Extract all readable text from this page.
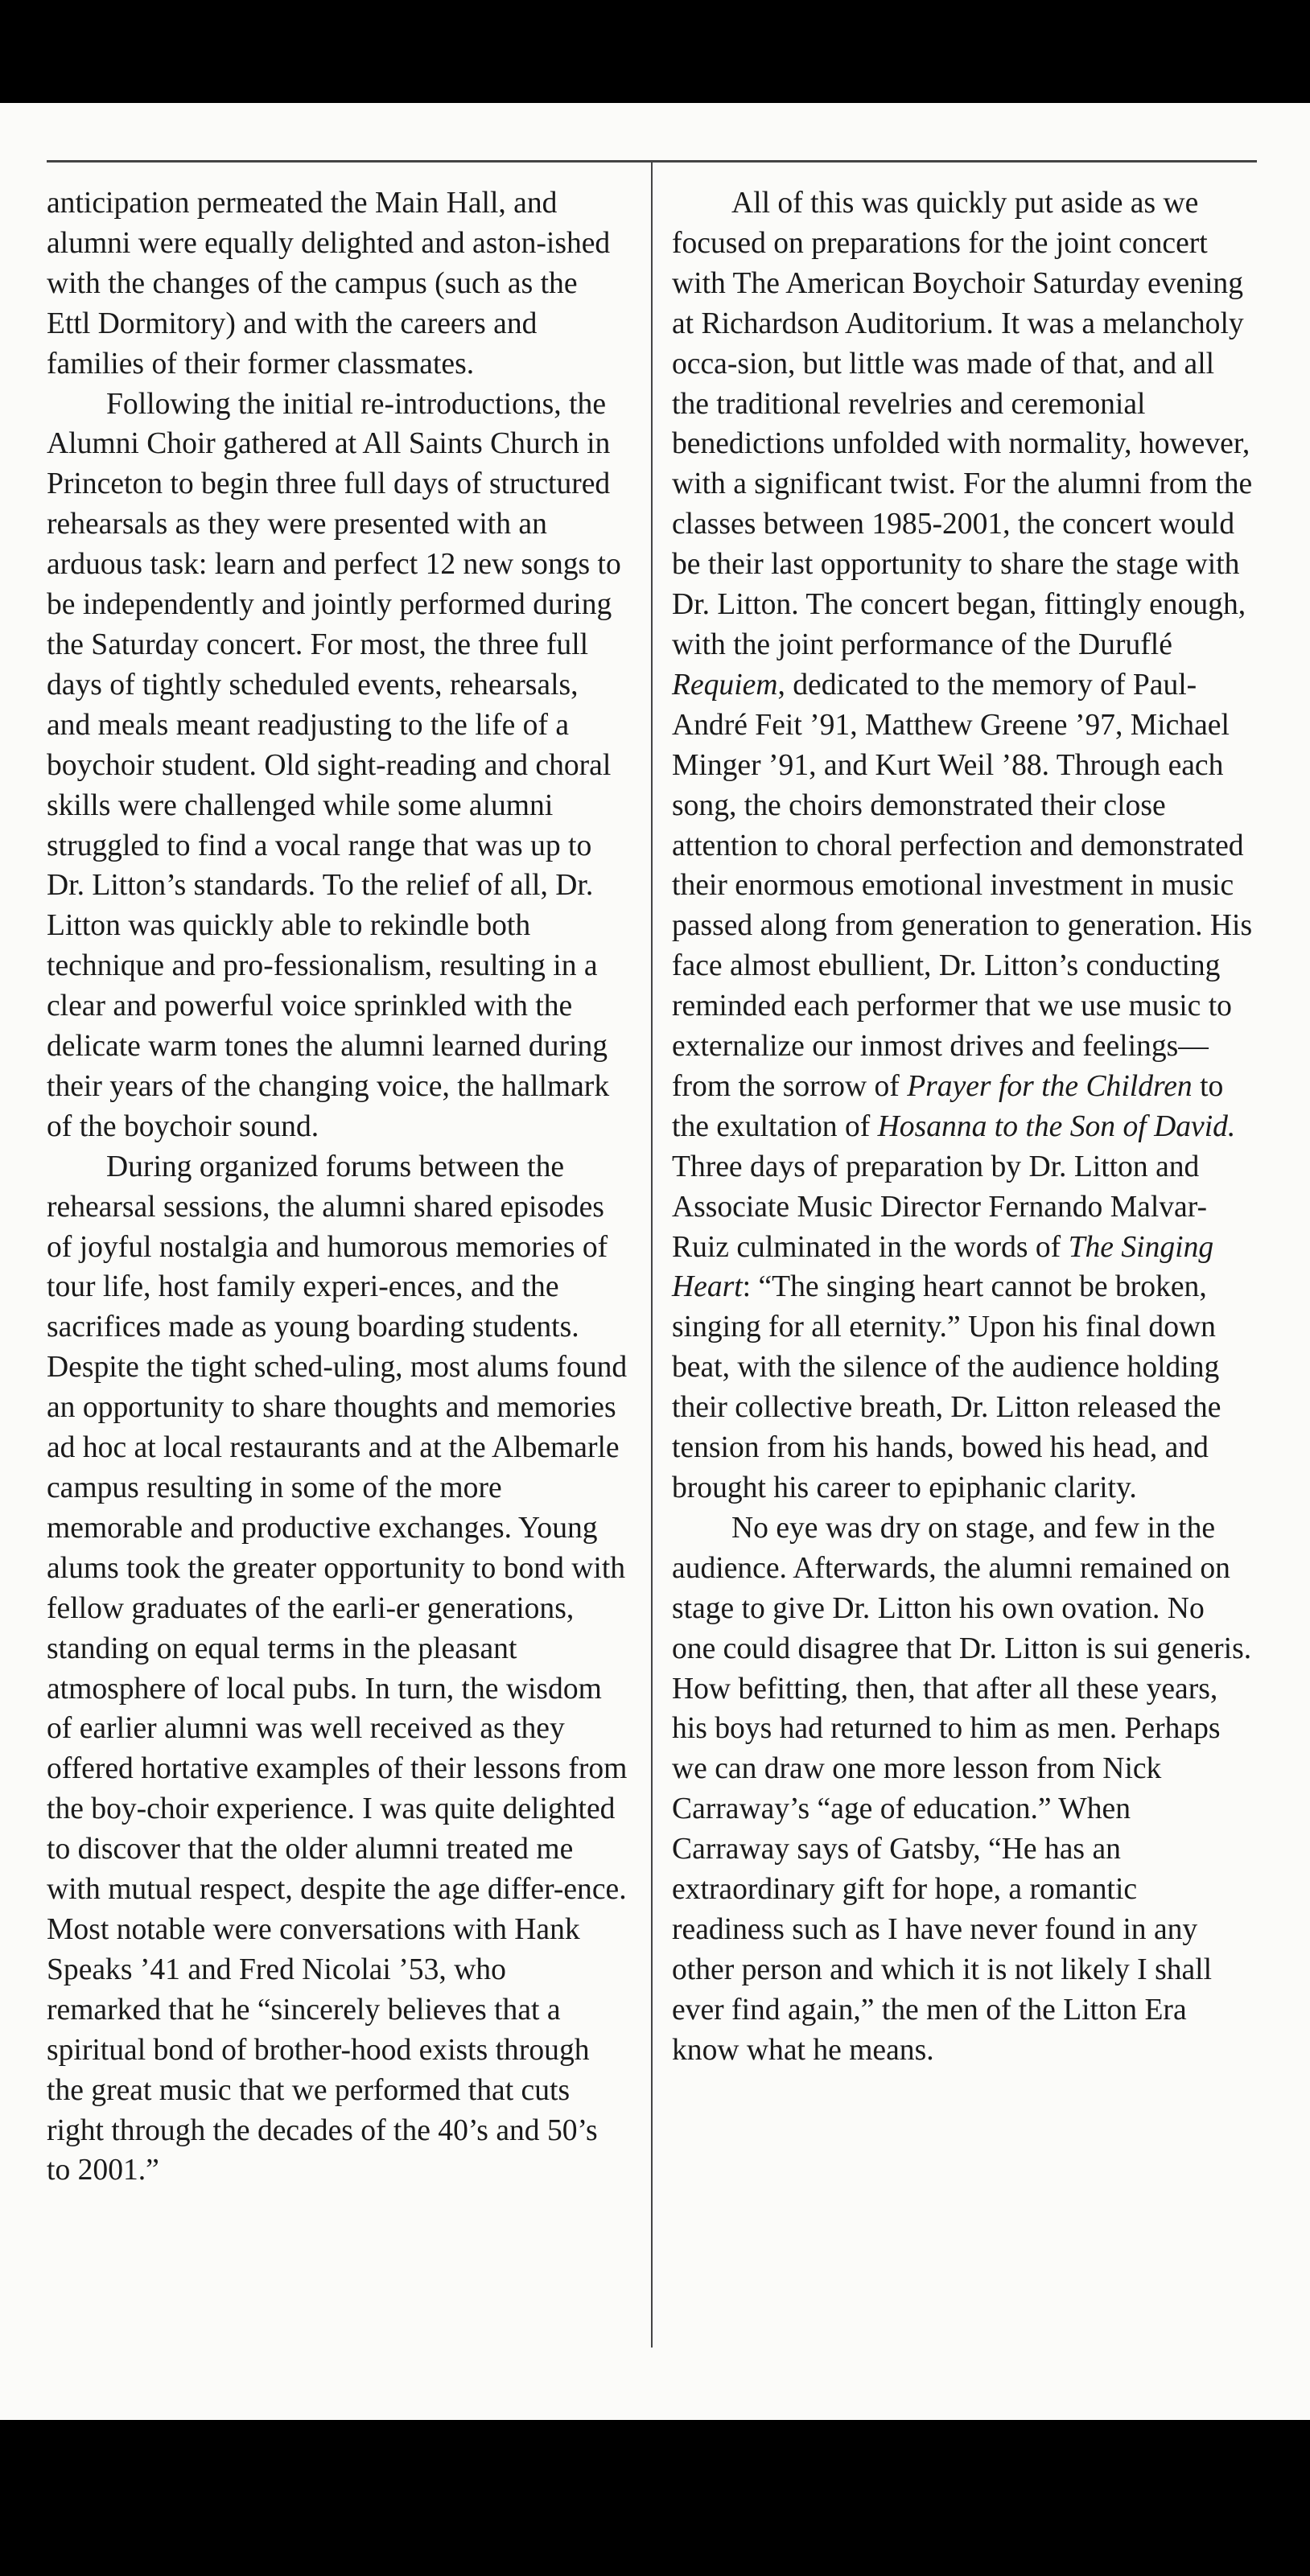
anticipation permeated the Main Hall, and alumni were equally delighted and aston-ished with the changes of the campus (such as the Ettl Dormitory) and with the careers and families of their former classmates.

Following the initial re-introductions, the Alumni Choir gathered at All Saints Church in Princeton to begin three full days of structured rehearsals as they were presented with an arduous task: learn and perfect 12 new songs to be independently and jointly performed during the Saturday concert. For most, the three full days of tightly scheduled events, rehearsals, and meals meant readjusting to the life of a boychoir student. Old sight-reading and choral skills were challenged while some alumni struggled to find a vocal range that was up to Dr. Litton’s standards. To the relief of all, Dr. Litton was quickly able to rekindle both technique and pro-fessionalism, resulting in a clear and powerful voice sprinkled with the delicate warm tones the alumni learned during their years of the changing voice, the hallmark of the boychoir sound.

During organized forums between the rehearsal sessions, the alumni shared episodes of joyful nostalgia and humorous memories of tour life, host family experi-ences, and the sacrifices made as young boarding students. Despite the tight sched-uling, most alums found an opportunity to share thoughts and memories ad hoc at local restaurants and at the Albemarle campus resulting in some of the more memorable and productive exchanges. Young alums took the greater opportunity to bond with fellow graduates of the earli-er generations, standing on equal terms in the pleasant atmosphere of local pubs. In turn, the wisdom of earlier alumni was well received as they offered hortative examples of their lessons from the boy-choir experience. I was quite delighted to discover that the older alumni treated me with mutual respect, despite the age differ-ence. Most notable were conversations with Hank Speaks ’41 and Fred Nicolai ’53, who remarked that he “sincerely believes that a spiritual bond of brother-hood exists through the great music that we performed that cuts right through the decades of the 40’s and 50’s to 2001.”

All of this was quickly put aside as we focused on preparations for the joint concert with The American Boychoir Saturday evening at Richardson Auditorium. It was a melancholy occa-sion, but little was made of that, and all the traditional revelries and ceremonial benedictions unfolded with normality, however, with a significant twist. For the alumni from the classes between 1985-2001, the concert would be their last opportunity to share the stage with Dr. Litton. The concert began, fittingly enough, with the joint performance of the Duruflé Requiem, dedicated to the memory of Paul-André Feit ’91, Matthew Greene ’97, Michael Minger ’91, and Kurt Weil ’88. Through each song, the choirs demonstrated their close attention to choral perfection and demonstrated their enormous emotional investment in music passed along from generation to generation. His face almost ebullient, Dr. Litton’s conducting reminded each performer that we use music to externalize our inmost drives and feelings—from the sorrow of Prayer for the Children to the exultation of Hosanna to the Son of David. Three days of preparation by Dr. Litton and Associate Music Director Fernando Malvar-Ruiz culminated in the words of The Singing Heart: “The singing heart cannot be broken, singing for all eternity.” Upon his final down beat, with the silence of the audience holding their collective breath, Dr. Litton released the tension from his hands, bowed his head, and brought his career to epiphanic clarity.

No eye was dry on stage, and few in the audience. Afterwards, the alumni remained on stage to give Dr. Litton his own ovation. No one could disagree that Dr. Litton is sui generis. How befitting, then, that after all these years, his boys had returned to him as men. Perhaps we can draw one more lesson from Nick Carraway’s “age of education.” When Carraway says of Gatsby, “He has an extraordinary gift for hope, a romantic readiness such as I have never found in any other person and which it is not likely I shall ever find again,” the men of the Litton Era know what he means.
